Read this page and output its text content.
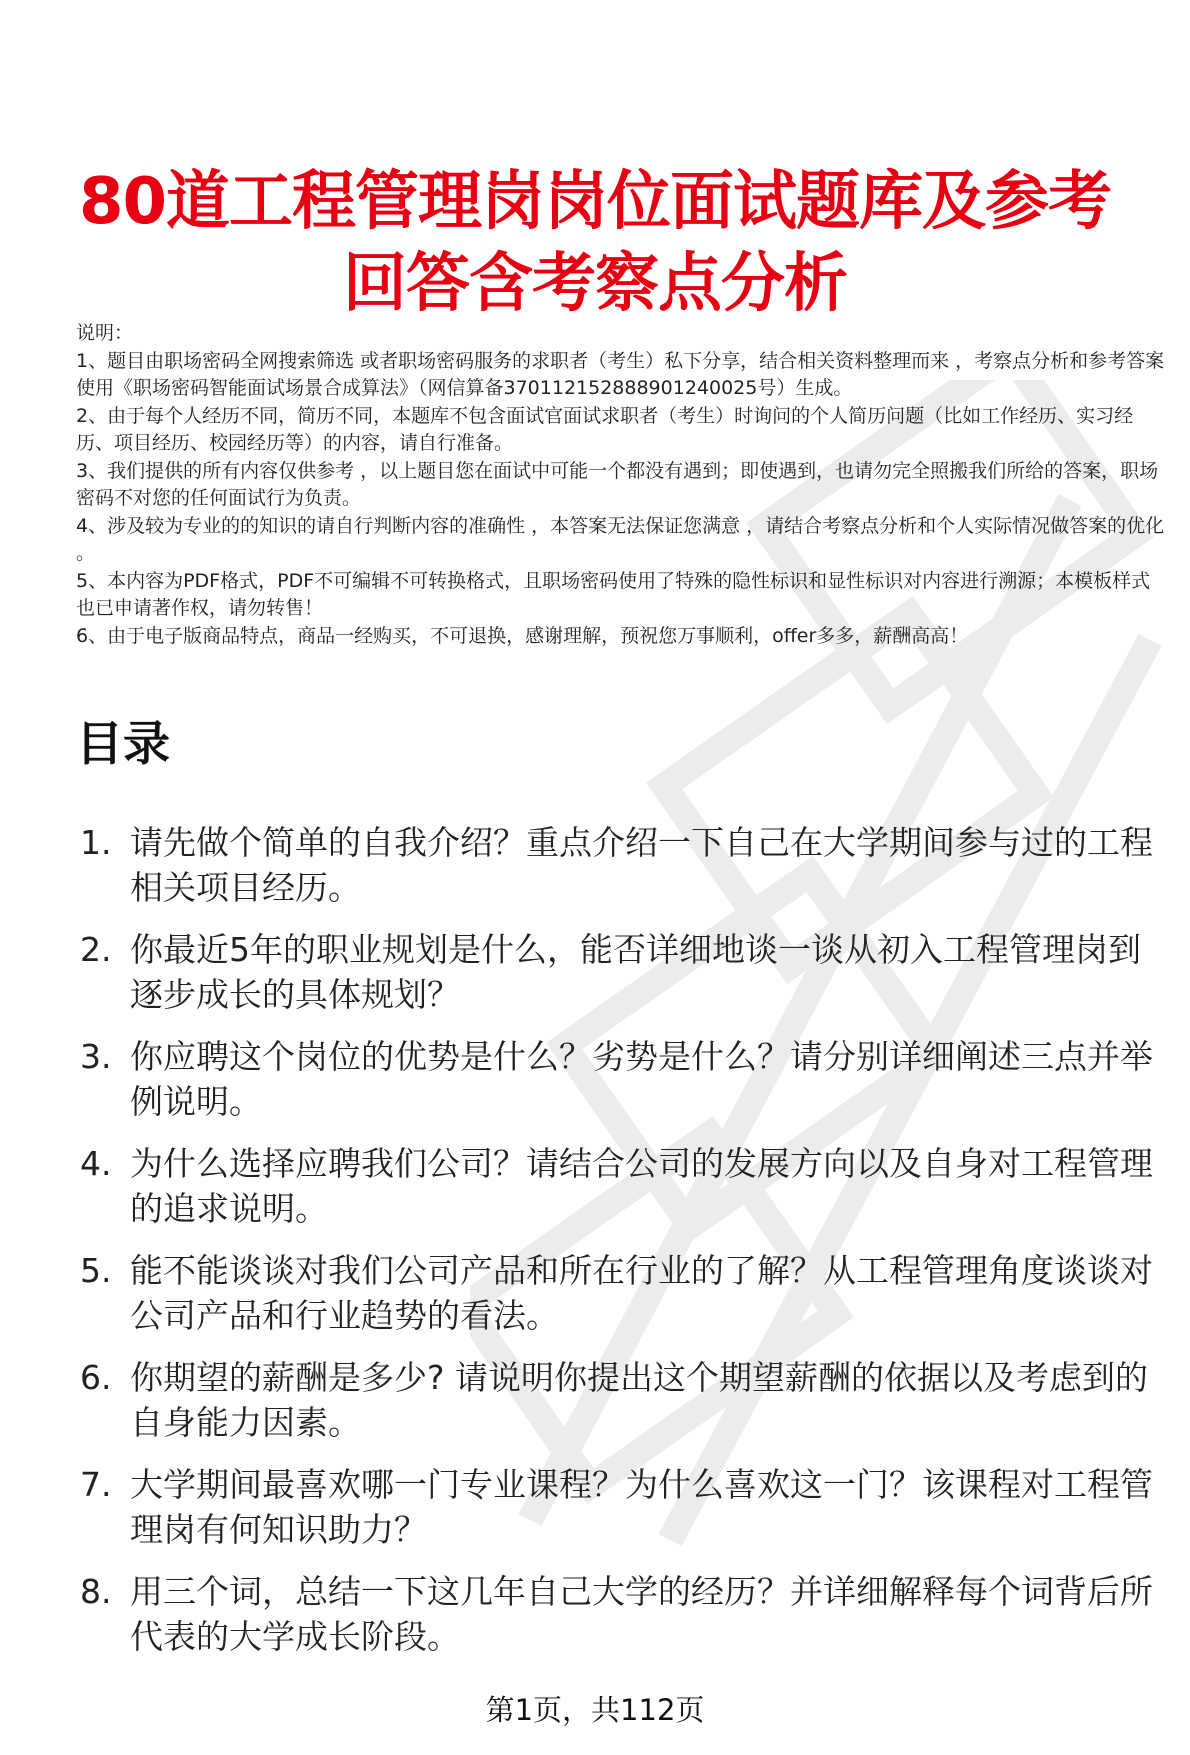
80道工程管理岗岗位面试题库及参考回答含考察点分析

说明：

1、题目由职场密码全网搜索筛选 或者职场密码服务的求职者（考生）私下分享，结合相关资料整理而来 ，考察点分析和参考答案使用《职场密码智能面试场景合成算法》（网信算备370112152888901240025号）生成。

2、由于每个人经历不同，简历不同，本题库不包含面试官面试求职者（考生）时询问的个人简历问题（比如工作经历、实习经历、项目经历、校园经历等）的内容，请自行准备。

3、我们提供的所有内容仅供参考 ，以上题目您在面试中可能一个都没有遇到；即使遇到，也请勿完全照搬我们所给的答案，职场密码不对您的任何面试行为负责。

4、涉及较为专业的的知识的请自行判断内容的准确性 ，本答案无法保证您满意 ，请结合考察点分析和个人实际情况做答案的优化 。

5、本内容为PDF格式，PDF不可编辑不可转换格式，且职场密码使用了特殊的隐性标识和显性标识对内容进行溯源；本模板样式也已申请著作权，请勿转售！

6、由于电子版商品特点，商品一经购买，不可退换，感谢理解，预祝您万事顺利，offer多多，薪酬高高！

目录
1. 请先做个简单的自我介绍？重点介绍一下自己在大学期间参与过的工程相关项目经历。
2. 你最近5年的职业规划是什么，能否详细地谈一谈从初入工程管理岗到逐步成长的具体规划？
3. 你应聘这个岗位的优势是什么？劣势是什么？请分别详细阐述三点并举例说明。
4. 为什么选择应聘我们公司？请结合公司的发展方向以及自身对工程管理的追求说明。
5. 能不能谈谈对我们公司产品和所在行业的了解？从工程管理角度谈谈对公司产品和行业趋势的看法。
6. 你期望的薪酬是多少? 请说明你提出这个期望薪酬的依据以及考虑到的自身能力因素。
7. 大学期间最喜欢哪一门专业课程？为什么喜欢这一门？该课程对工程管理岗有何知识助力？
8. 用三个词，总结一下这几年自己大学的经历？并详细解释每个词背后所代表的大学成长阶段。
第1页，共112页
